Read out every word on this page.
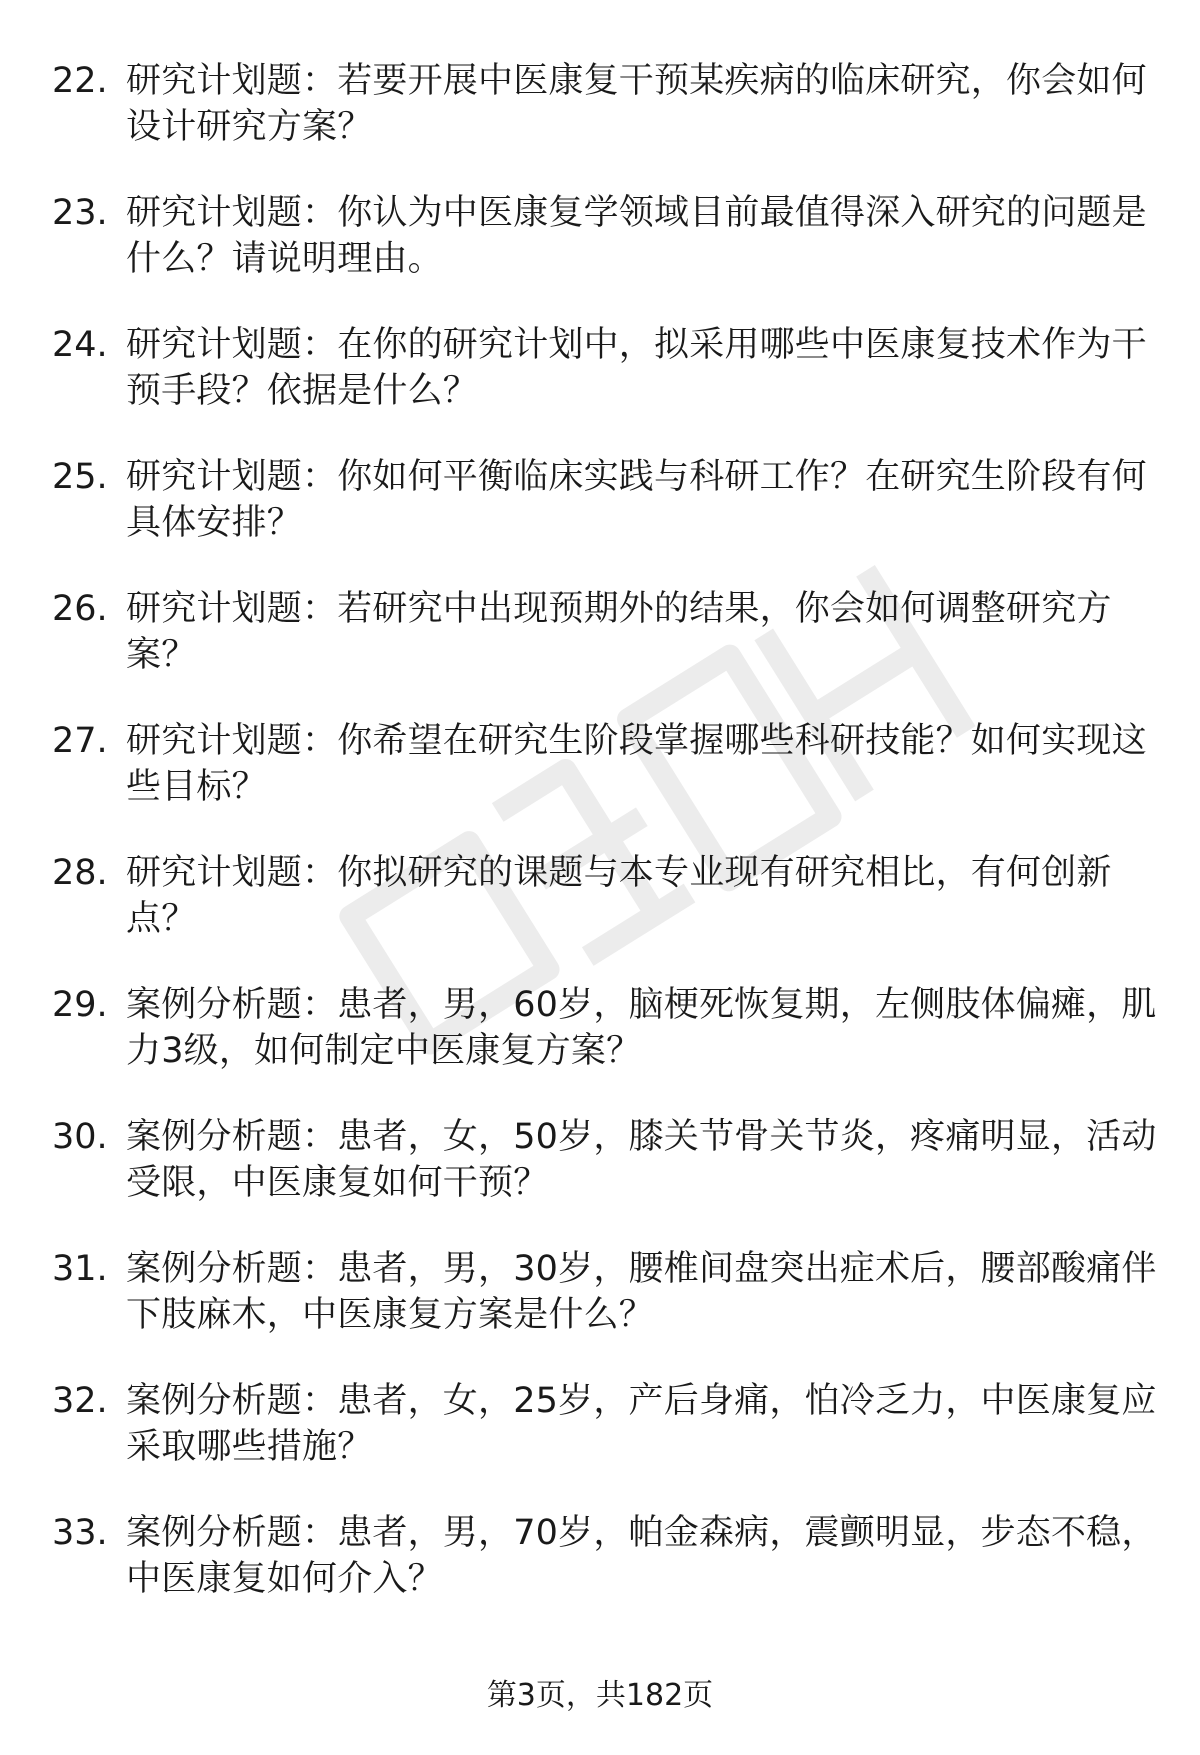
22. 研究计划题：若要开展中医康复干预某疾病的临床研究，你会如何设计研究方案？
23. 研究计划题：你认为中医康复学领域目前最值得深入研究的问题是什么？请说明理由。
24. 研究计划题：在你的研究计划中，拟采用哪些中医康复技术作为干预手段？依据是什么？
25. 研究计划题：你如何平衡临床实践与科研工作？在研究生阶段有何具体安排？
26. 研究计划题：若研究中出现预期外的结果，你会如何调整研究方案？
27. 研究计划题：你希望在研究生阶段掌握哪些科研技能？如何实现这些目标？
28. 研究计划题：你拟研究的课题与本专业现有研究相比，有何创新点？
29. 案例分析题：患者，男，60岁，脑梗死恢复期，左侧肢体偏瘫，肌力3级，如何制定中医康复方案？
30. 案例分析题：患者，女，50岁，膝关节骨关节炎，疼痛明显，活动受限，中医康复如何干预？
31. 案例分析题：患者，男，30岁，腰椎间盘突出症术后，腰部酸痛伴下肢麻木，中医康复方案是什么？
32. 案例分析题：患者，女，25岁，产后身痛，怕冷乏力，中医康复应采取哪些措施？
33. 案例分析题：患者，男，70岁，帕金森病，震颤明显，步态不稳，中医康复如何介入？
第3页，共182页
